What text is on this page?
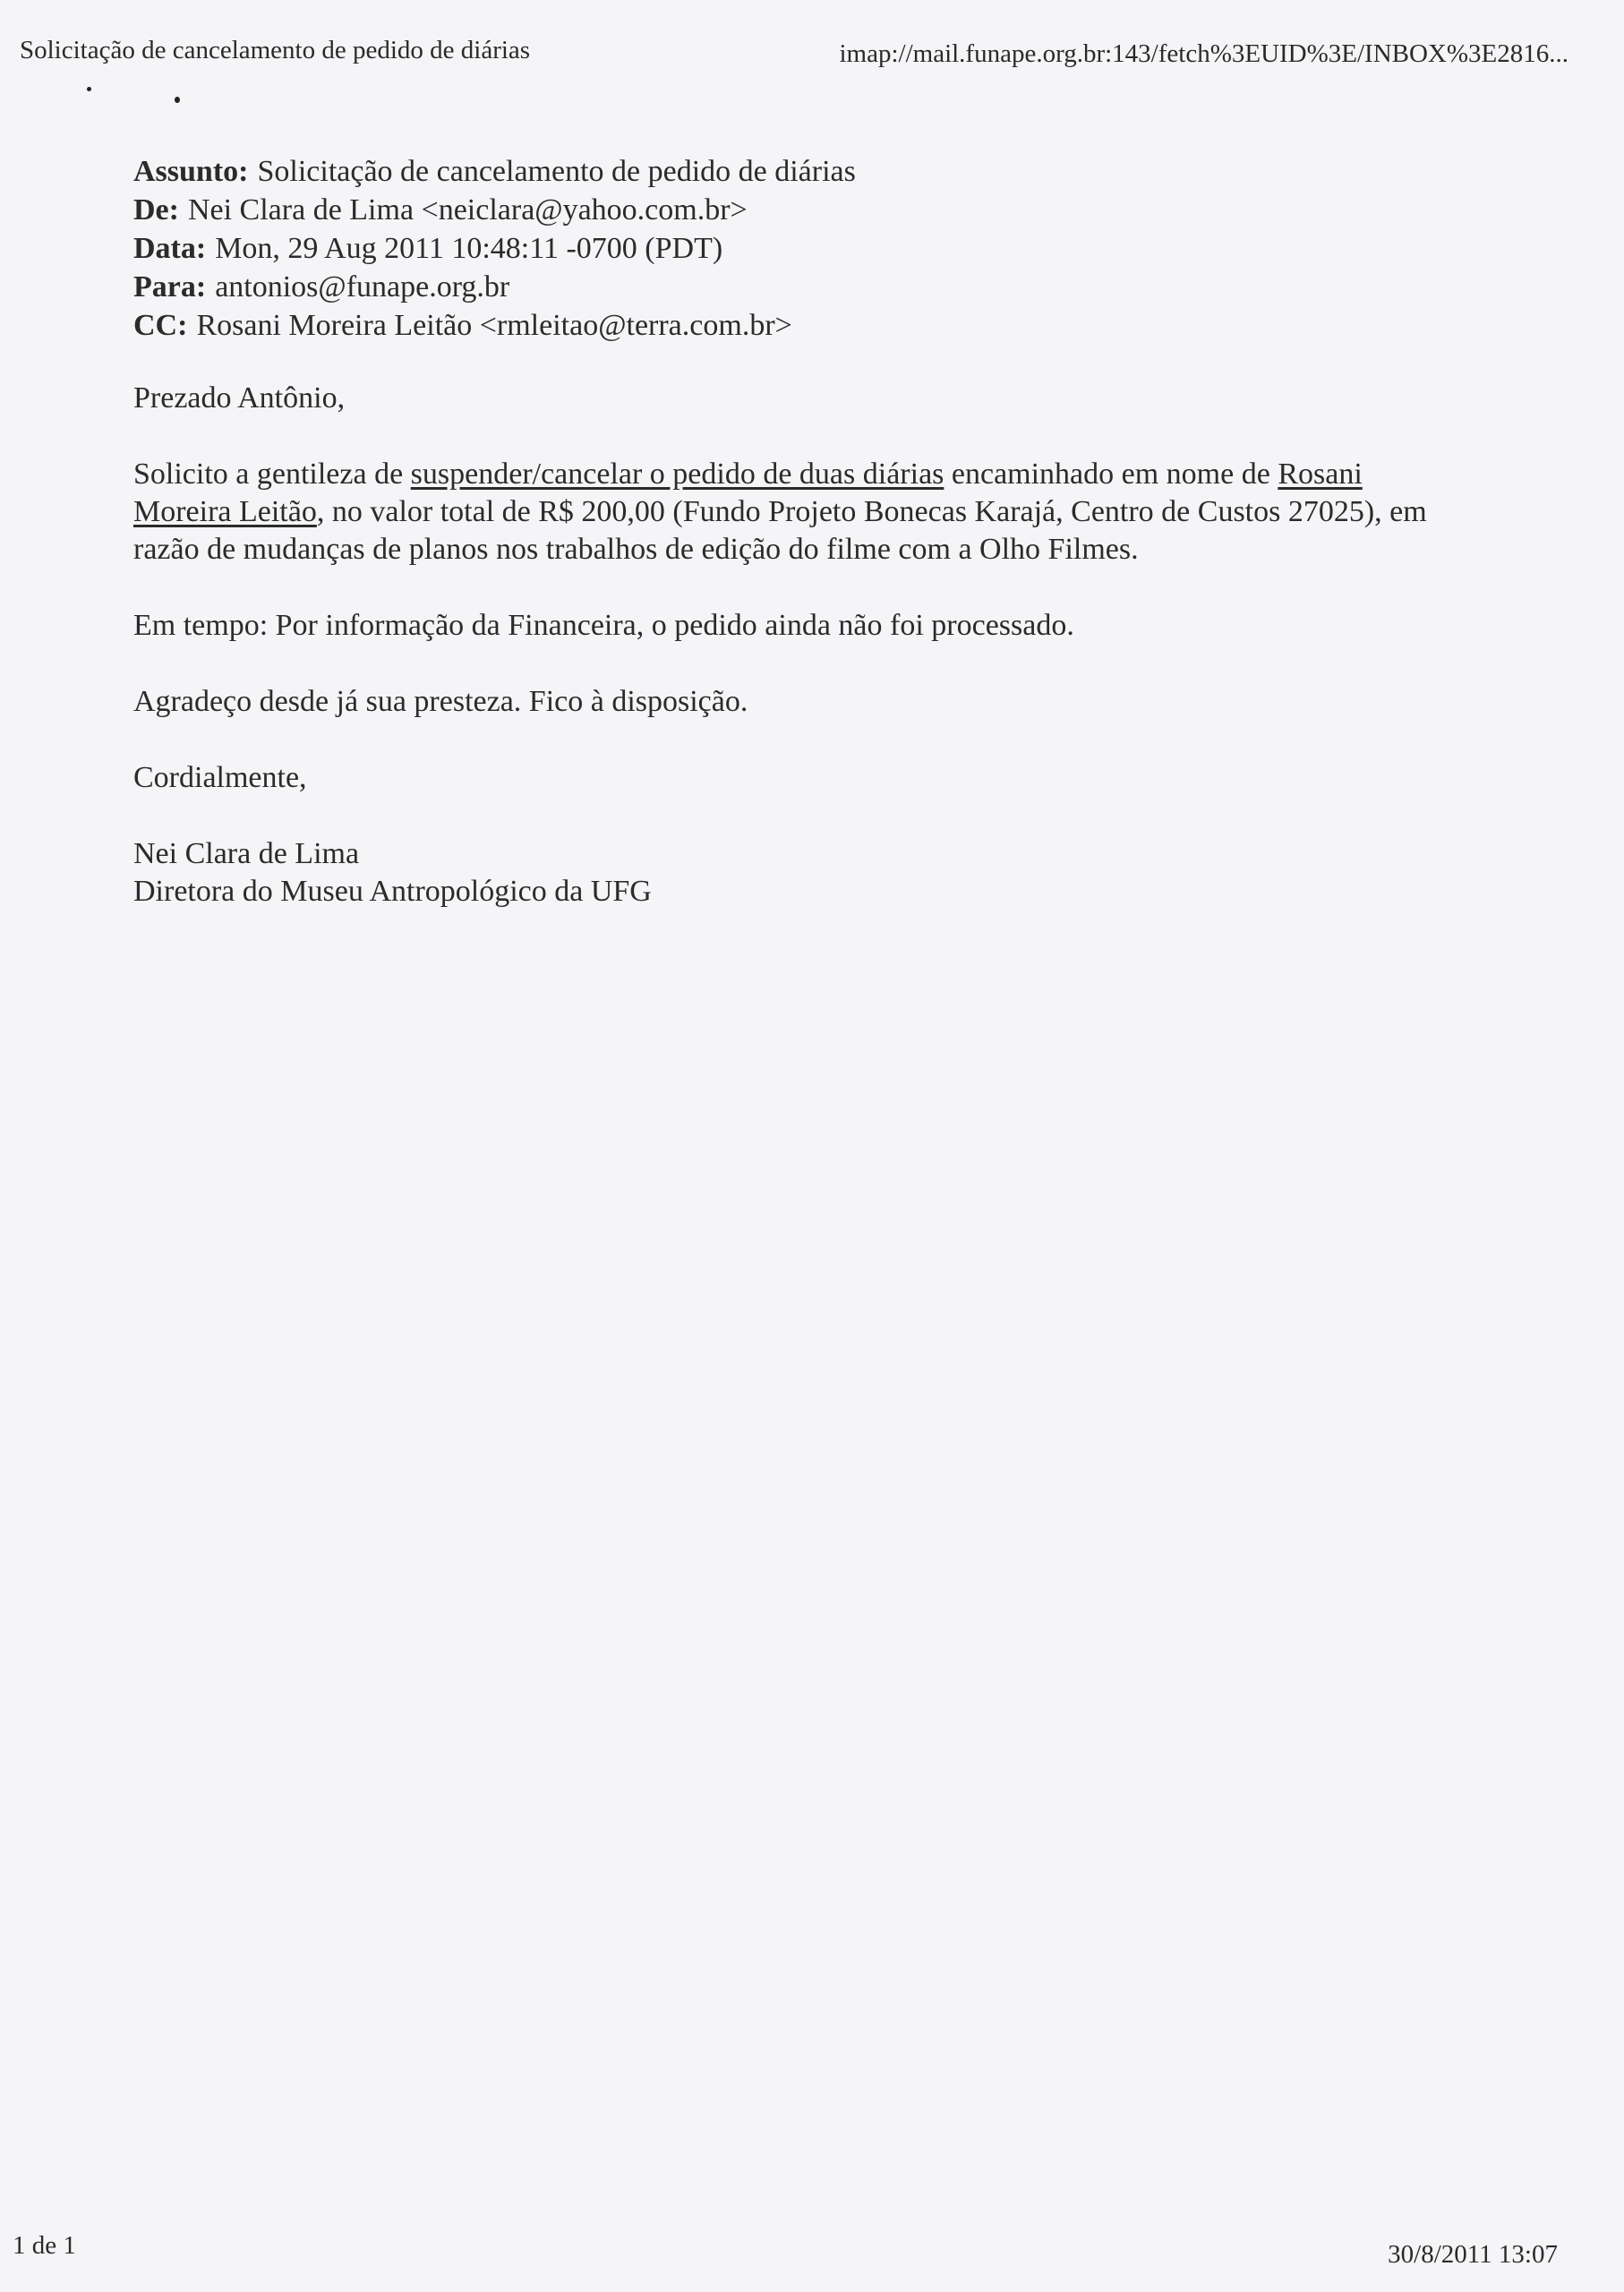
Solicitação de cancelamento de pedido de diárias	imap://mail.funape.org.br:143/fetch%3EUID%3E/INBOX%3E2816...
Assunto: Solicitação de cancelamento de pedido de diárias
De: Nei Clara de Lima <neiclara@yahoo.com.br>
Data: Mon, 29 Aug 2011 10:48:11 -0700 (PDT)
Para: antonios@funape.org.br
CC: Rosani Moreira Leitão <rmleitao@terra.com.br>

Prezado Antônio,

Solicito a gentileza de suspender/cancelar o pedido de duas diárias encaminhado em nome de Rosani Moreira Leitão, no valor total de R$ 200,00 (Fundo Projeto Bonecas Karajá, Centro de Custos 27025), em razão de mudanças de planos nos trabalhos de edição do filme com a Olho Filmes.

Em tempo: Por informação da Financeira, o pedido ainda não foi processado.

Agradeço desde já sua presteza. Fico à disposição.

Cordialmente,

Nei Clara de Lima

Diretora do Museu Antropológico da UFG

1 de 1	30/8/2011 13:07
